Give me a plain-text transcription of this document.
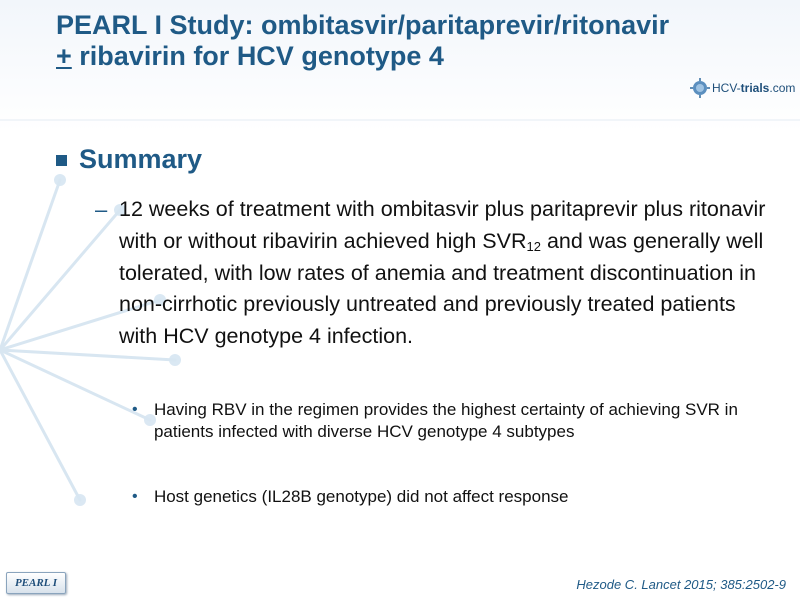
PEARL I Study: ombitasvir/paritaprevir/ritonavir
+ ribavirin for HCV genotype 4
HCV-trials.com
Summary
– 12 weeks of treatment with ombitasvir plus paritaprevir plus ritonavir with or without ribavirin achieved high $SVR_{12}$ and was generally well tolerated, with low rates of anemia and treatment discontinuation in non-cirrhotic previously untreated and previously treated patients with HCV genotype 4 infection.
• Having RBV in the regimen provides the highest certainty of achieving SVR in patients infected with diverse HCV genotype 4 subtypes
• Host genetics (IL28B genotype) did not affect response
PEARL I	Hezode C. Lancet 2015; 385:2502-9
